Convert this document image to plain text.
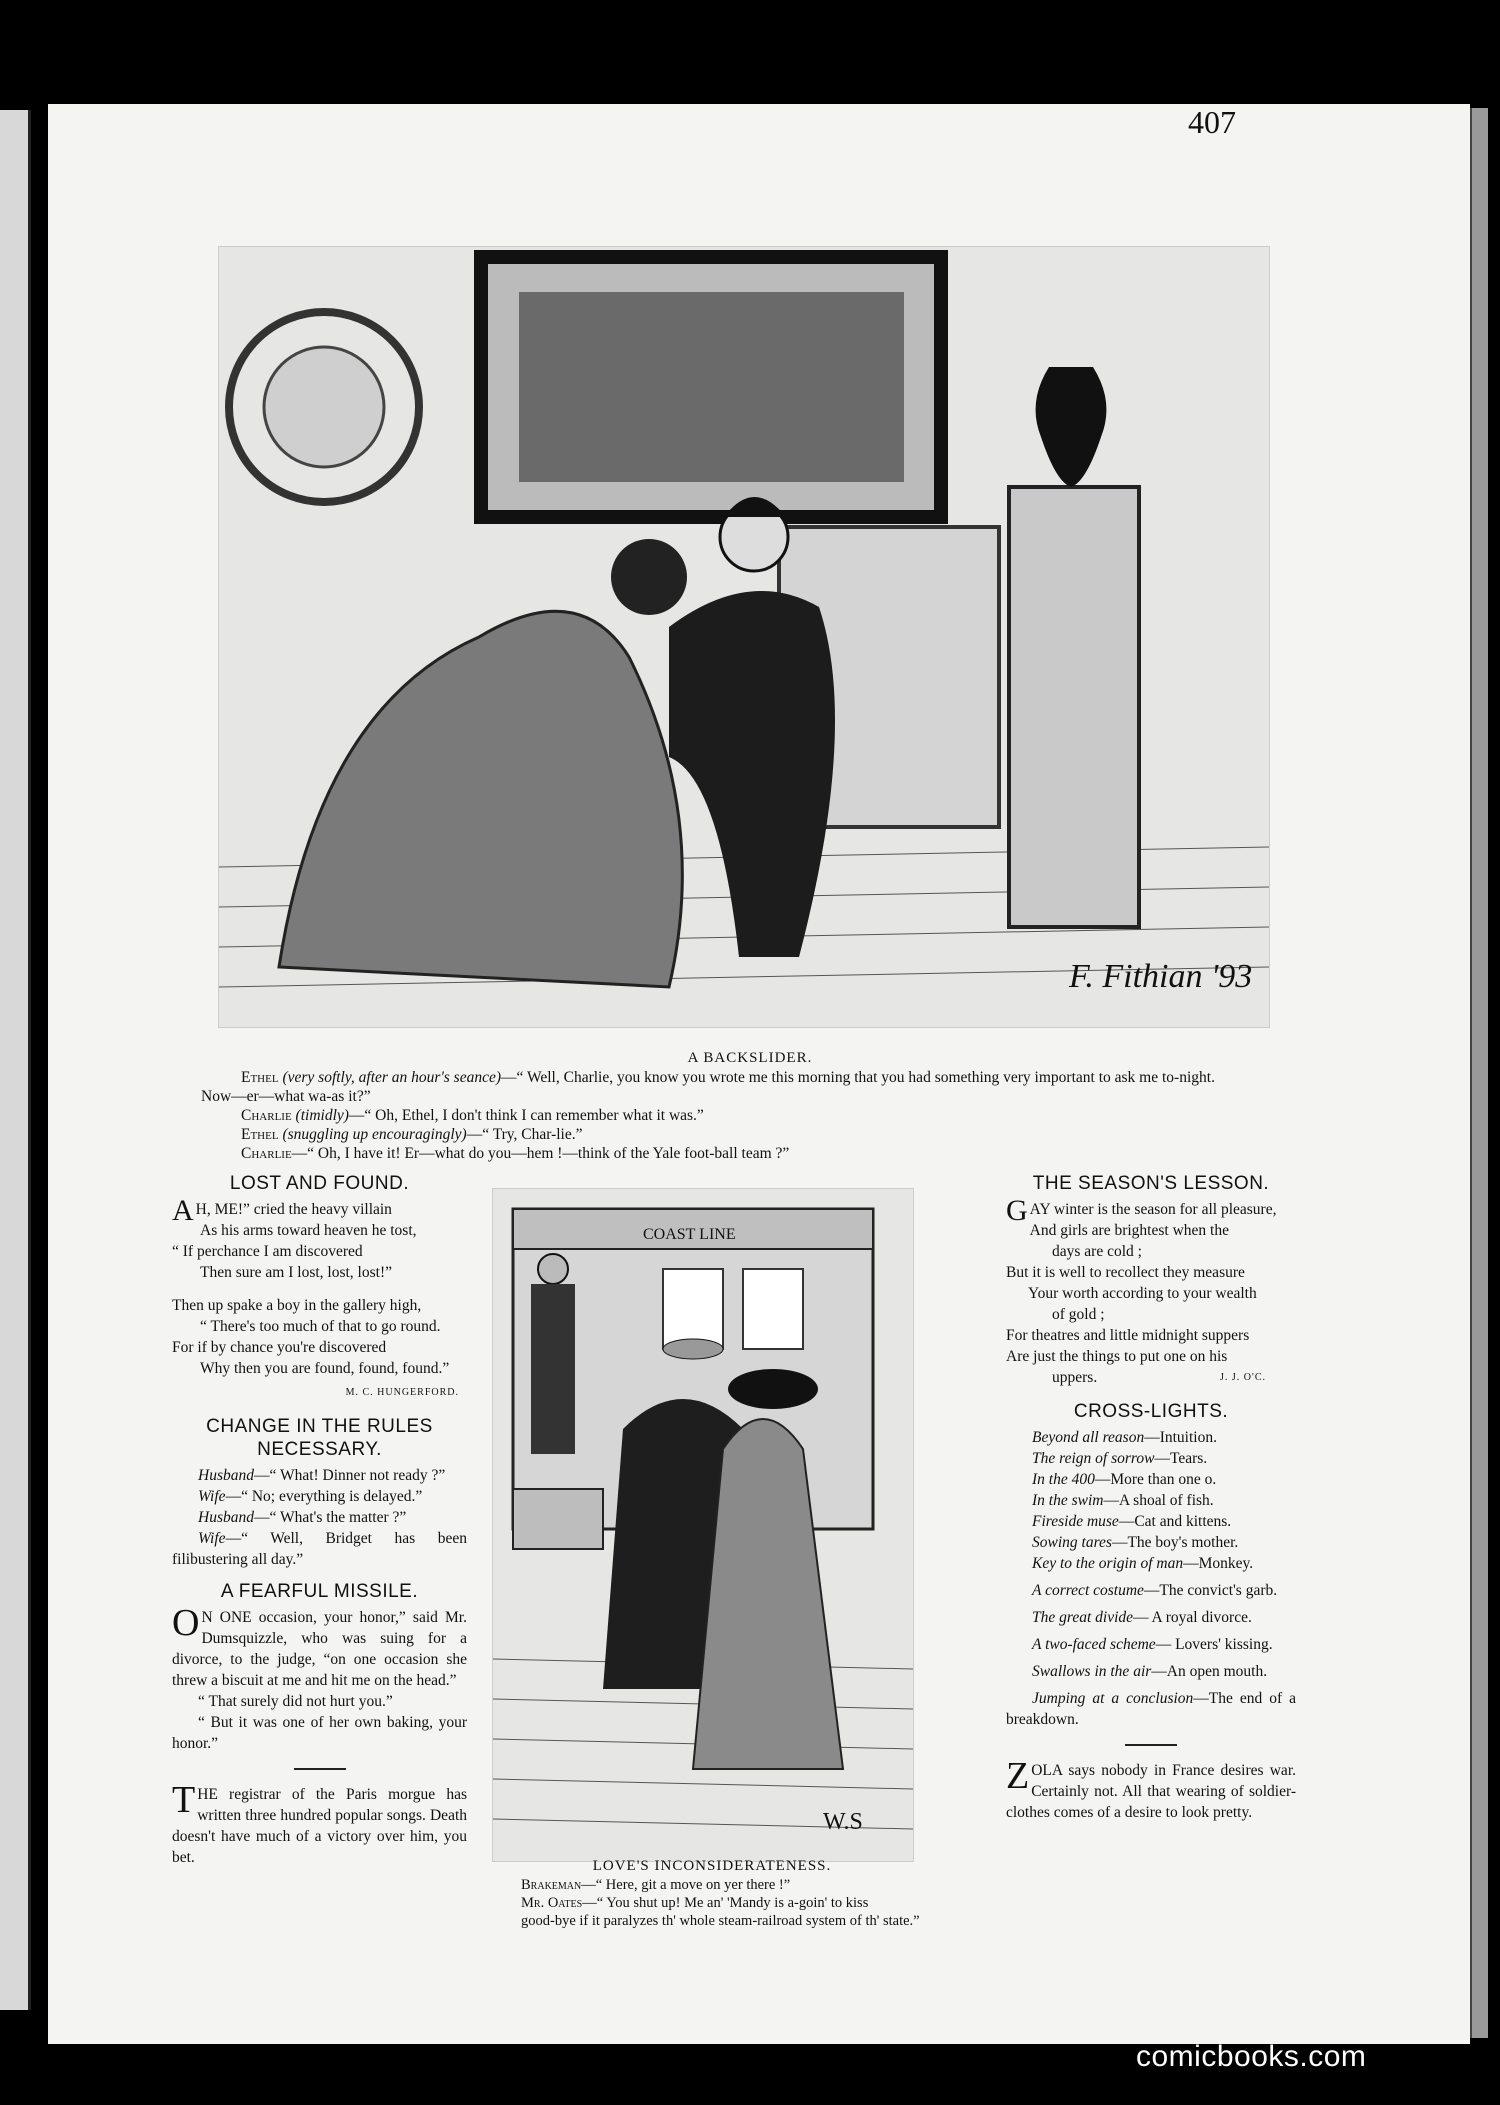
407
F. Fithian '93
A BACKSLIDER.

Ethel (very softly, after an hour's seance)—“ Well, Charlie, you know you wrote me this morning that you had something very important to ask me to-night.

Now—er—what wa-as it?”

Charlie (timidly)—“ Oh, Ethel, I don't think I can remember what it was.”

Ethel (snuggling up encouragingly)—“ Try, Char-lie.”

Charlie—“ Oh, I have it! Er—what do you—hem !—think of the Yale foot-ball team ?”

LOST AND FOUND.

A H, ME!” cried the heavy villain

As his arms toward heaven he tost,

“ If perchance I am discovered

Then sure am I lost, lost, lost!”

Then up spake a boy in the gallery high,

“ There's too much of that to go round.

For if by chance you're discovered

Why then you are found, found, found.”

M. C. HUNGERFORD.
CHANGE IN THE RULES NECESSARY.

Husband—“ What! Dinner not ready ?”

Wife—“ No; everything is delayed.”

Husband—“ What's the matter ?”

Wife—“ Well, Bridget has been filibustering all day.”

A FEARFUL MISSILE.

O N ONE occasion, your honor,” said Mr. Dumsquizzle, who was suing for a divorce, to the judge, “on one occasion she threw a biscuit at me and hit me on the head.”

“ That surely did not hurt you.”

“ But it was one of her own baking, your honor.”

THE registrar of the Paris morgue has written three hundred popular songs. Death doesn't have much of a victory over him, you bet.

COAST LINE
W.S
LOVE'S INCONSIDERATENESS.

Brakeman—“ Here, git a move on yer there !”

Mr. Oates—“ You shut up! Me an' 'Mandy is a-goin' to kiss

good-bye if it paralyzes th' whole steam-railroad system of th' state.”

THE SEASON'S LESSON.

GAY winter is the season for all pleasure,

And girls are brightest when the

days are cold ;

But it is well to recollect they measure

Your worth according to your wealth

of gold ;

For theatres and little midnight suppers

Are just the things to put one on his

uppers.	J. J. O'C.

CROSS-LIGHTS.

Beyond all reason—Intuition.

The reign of sorrow—Tears.

In the 400—More than one o.

In the swim—A shoal of fish.

Fireside muse—Cat and kittens.

Sowing tares—The boy's mother.

Key to the origin of man—Monkey.

A correct costume—The convict's garb.

The great divide— A royal divorce.

A two-faced scheme— Lovers' kissing.

Swallows in the air—An open mouth.

Jumping at a conclusion—The end of a breakdown.

ZOLA says nobody in France desires war. Certainly not. All that wearing of soldier-clothes comes of a desire to look pretty.

comicbooks.com
